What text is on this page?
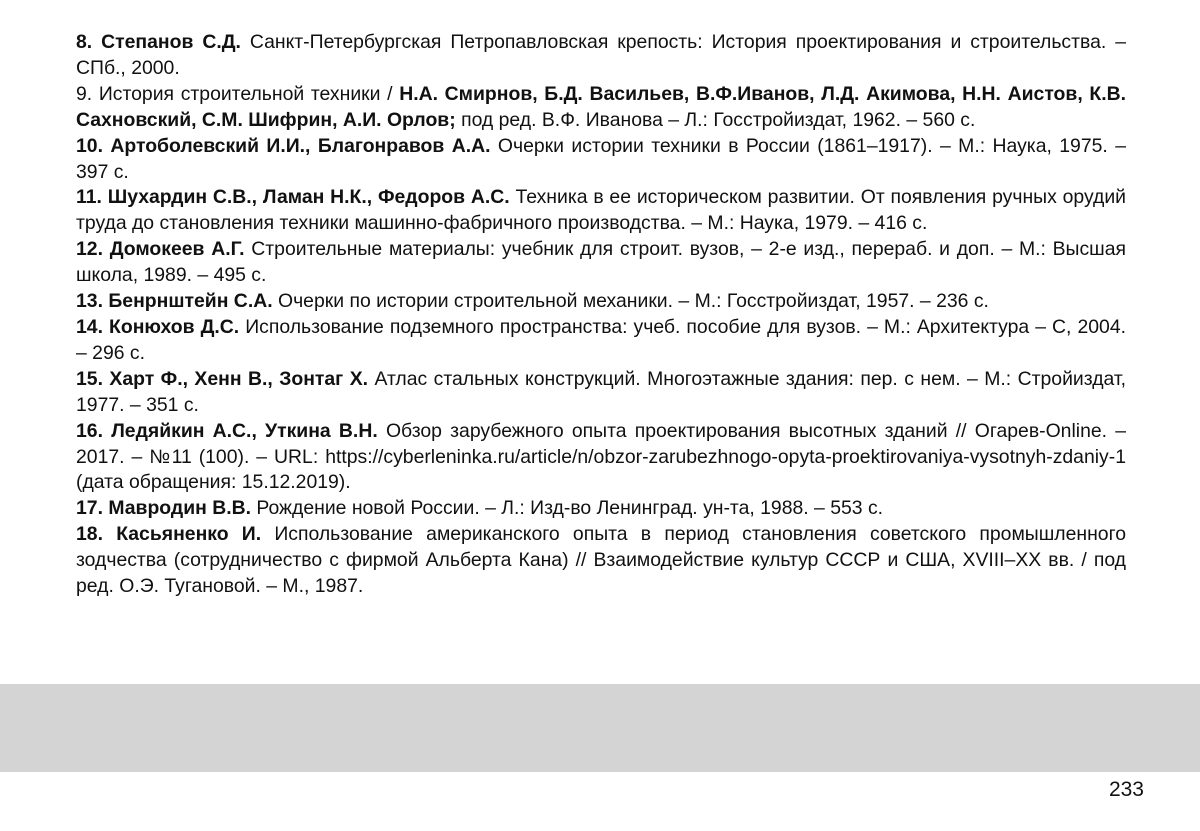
8. Степанов С.Д. Санкт-Петербургская Петропавловская крепость: История проектирования и строительства. – СПб., 2000.
9. История строительной техники / Н.А. Смирнов, Б.Д. Васильев, В.Ф.Иванов, Л.Д. Акимова, Н.Н. Аистов, К.В. Сахновский, С.М. Шифрин, А.И. Орлов; под ред. В.Ф. Иванова – Л.: Госстройиздат, 1962. – 560 с.
10. Артоболевский И.И., Благонравов А.А. Очерки истории техники в России (1861–1917). – М.: Наука, 1975. – 397 с.
11. Шухардин С.В., Ламан Н.К., Федоров А.С. Техника в ее историческом развитии. От появления ручных орудий труда до становления техники машинно-фабричного производства. – М.: Наука, 1979. – 416 с.
12. Домокеев А.Г. Строительные материалы: учебник для строит. вузов, – 2-е изд., перераб. и доп. – М.: Высшая школа, 1989. – 495 с.
13. Бенрнштейн С.А. Очерки по истории строительной механики. – М.: Госстройиздат, 1957. – 236 с.
14. Конюхов Д.С. Использование подземного пространства: учеб. пособие для вузов. – М.: Архитектура – С, 2004. – 296 с.
15. Харт Ф., Хенн В., Зонтаг Х. Атлас стальных конструкций. Многоэтажные здания: пер. с нем. – М.: Стройиздат, 1977. – 351 с.
16. Ледяйкин А.С., Уткина В.Н. Обзор зарубежного опыта проектирования высотных зданий // Огарев-Online. – 2017. – №11 (100). – URL: https://cyberleninka.ru/article/n/obzor-zarubezhnogo-opyta-proektirovaniya-vysotnyh-zdaniy-1 (дата обращения: 15.12.2019).
17. Мавродин В.В. Рождение новой России. – Л.: Изд-во Ленинград. ун-та, 1988. – 553 с.
18. Касьяненко И. Использование американского опыта в период становления советского промышленного зодчества (сотрудничество с фирмой Альберта Кана) // Взаимодействие культур СССР и США, XVIII–XX вв. / под ред. О.Э. Тугановой. – М., 1987.
233
